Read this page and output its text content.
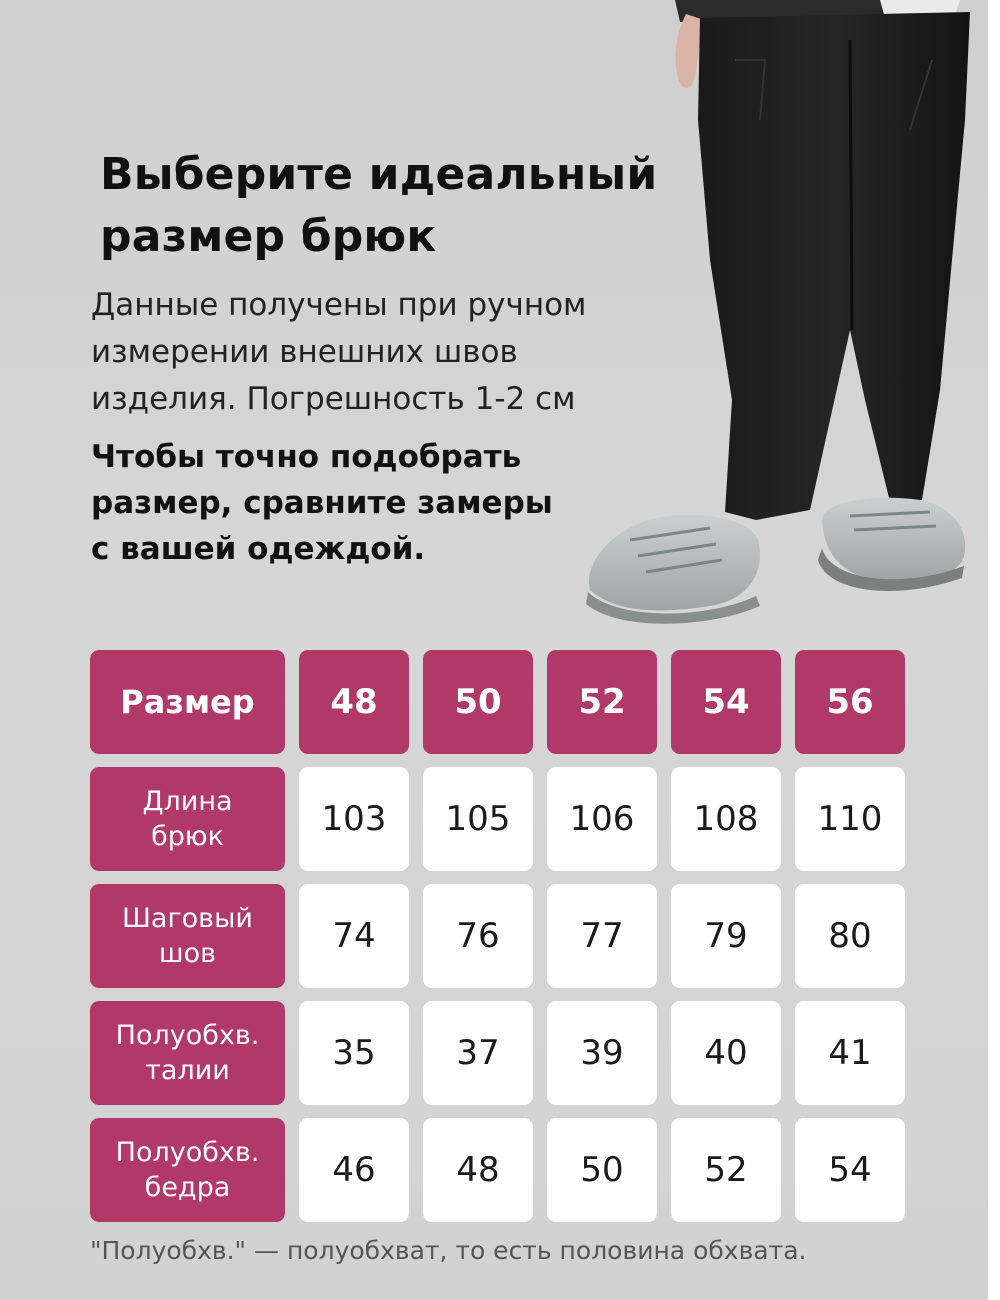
Выберите идеальный
размер брюк

Данные получены при ручном
измерении внешних швов
изделия. Погрешность 1-2 см

Чтобы точно подобрать
размер, сравните замеры
с вашей одеждой.

Размер	48	50	52	54	56
Длина
брюк	103	105	106	108	110
Шаговый
шов	74	76	77	79	80
Полуобхв.
талии	35	37	39	40	41
Полуобхв.
бедра	46	48	50	52	54

"Полуобхв." — полуобхват, то есть половина обхвата.
